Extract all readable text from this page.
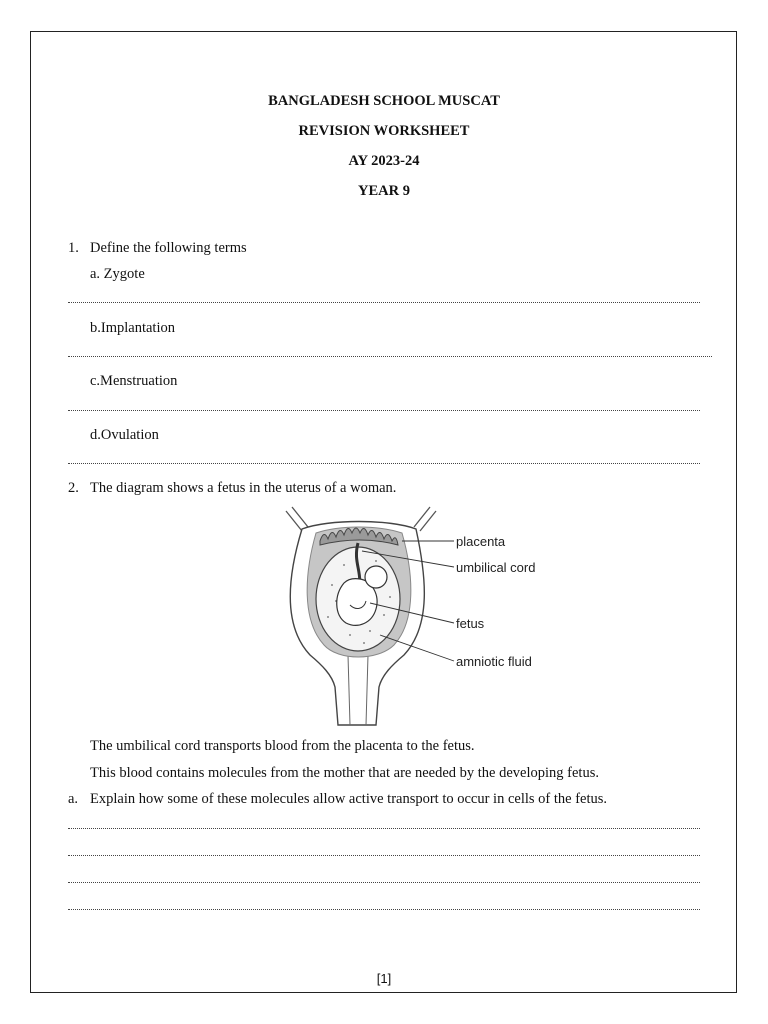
BANGLADESH SCHOOL MUSCAT
REVISION WORKSHEET
AY 2023-24
YEAR 9
1. Define the following terms
a. Zygote
b.Implantation
c.Menstruation
d.Ovulation
2. The diagram shows a fetus in the uterus of a woman.
placenta
umbilical cord
fetus
amniotic fluid
The umbilical cord transports blood from the placenta to the fetus.
This blood contains molecules from the mother that are needed by the developing fetus.
a. Explain how some of these molecules allow active transport to occur in cells of the fetus.
[1]
